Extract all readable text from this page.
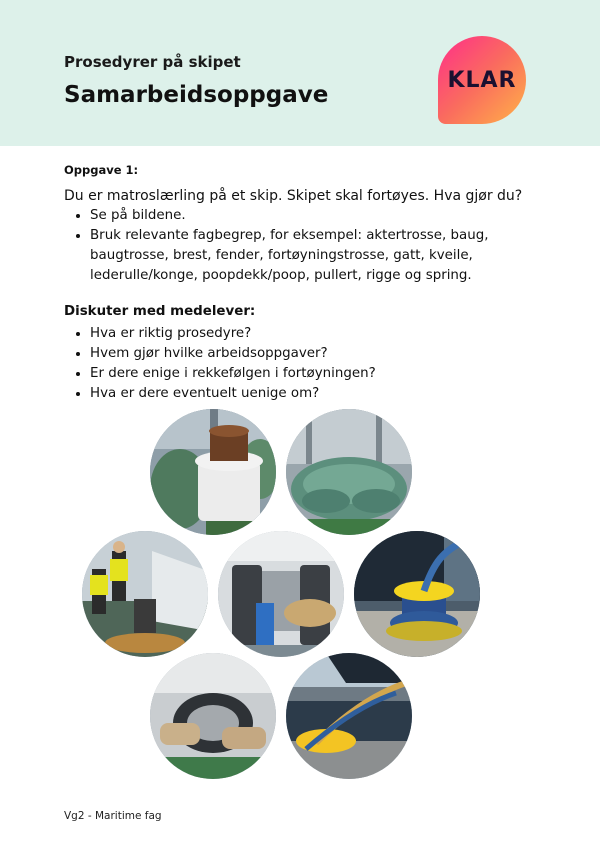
Prosedyrer på skipet
Samarbeidsoppgave
KLAR
Oppgave 1:
Du er matroslærling på et skip. Skipet skal fortøyes. Hva gjør du?
• Se på bildene.
• Bruk relevante fagbegrep, for eksempel: aktertrosse, baug, baugtrosse, brest, fender, fortøyningstrosse, gatt, kveile, lederulle/konge, poopdekk/poop, pullert, rigge og spring.
Diskuter med medelever:
• Hva er riktig prosedyre?
• Hvem gjør hvilke arbeidsoppgaver?
• Er dere enige i rekkefølgen i fortøyningen?
• Hva er dere eventuelt uenige om?
Vg2 - Maritime fag
